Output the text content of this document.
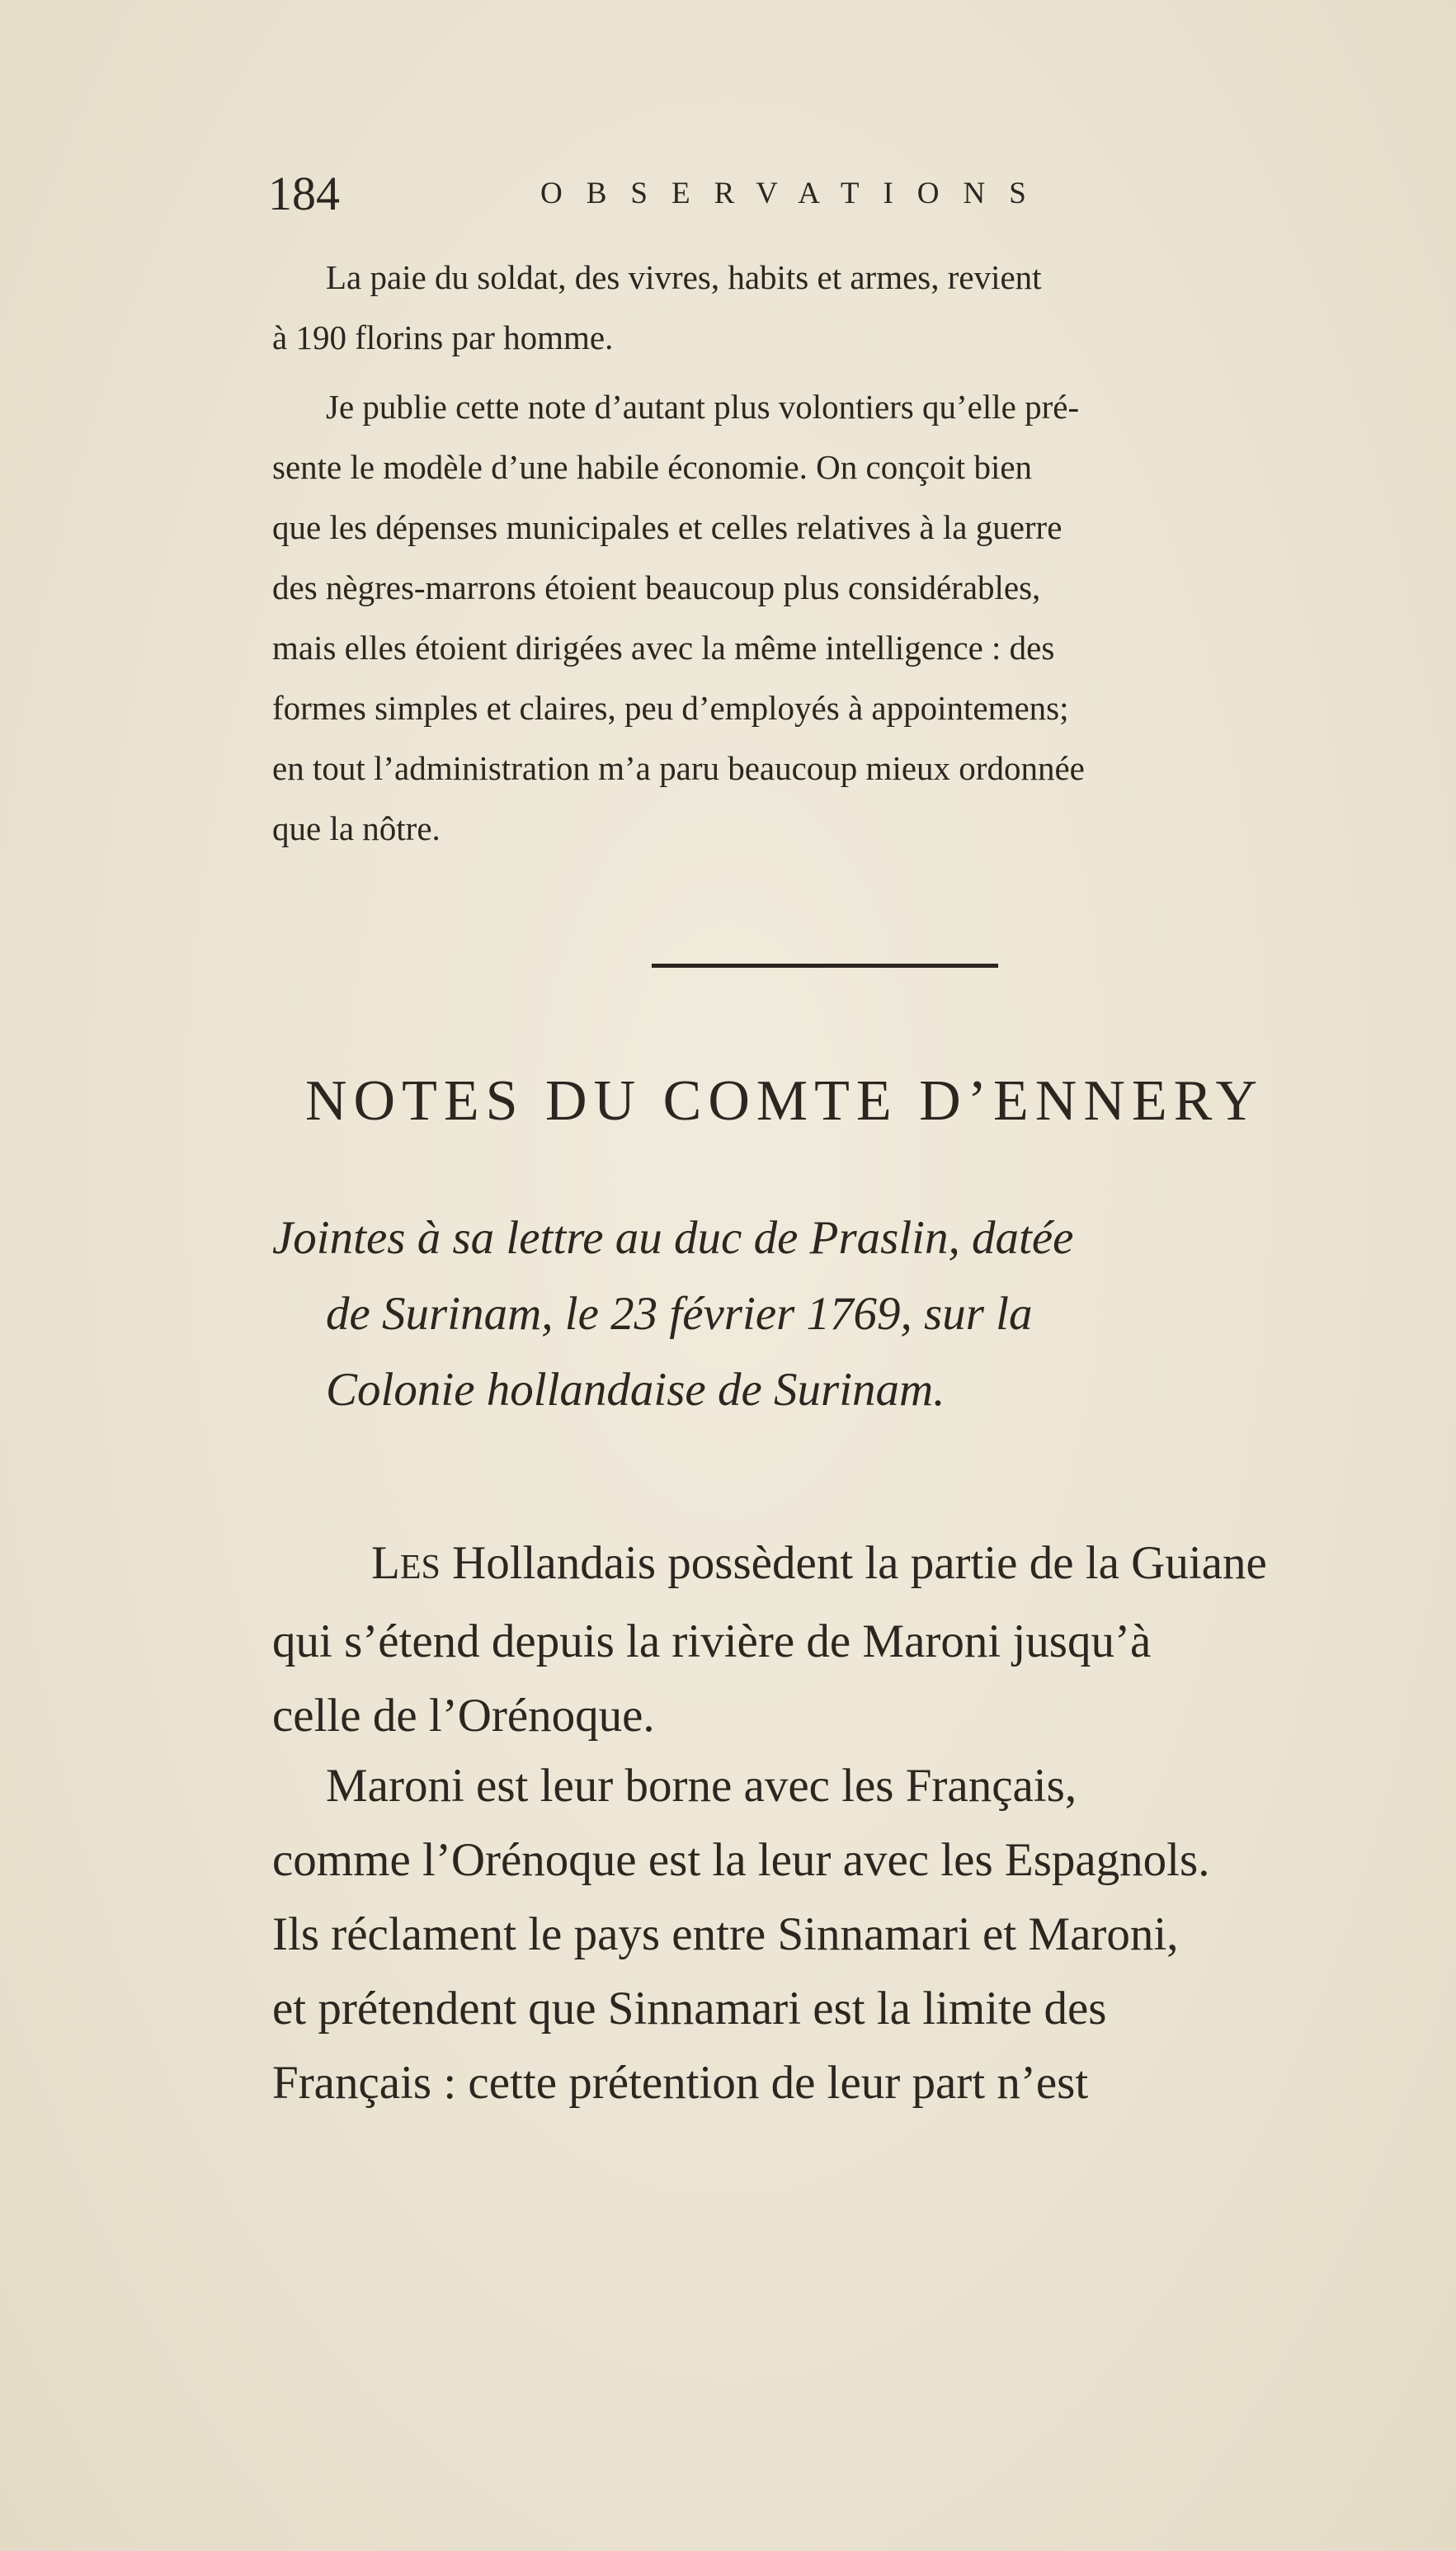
184	OBSERVATIONS
La paie du soldat, des vivres, habits et armes, revient
à 190 florins par homme.
Je publie cette note d’autant plus volontiers qu’elle pré-
sente le modèle d’une habile économie. On conçoit bien
que les dépenses municipales et celles relatives à la guerre
des nègres-marrons étoient beaucoup plus considérables,
mais elles étoient dirigées avec la même intelligence : des
formes simples et claires, peu d’employés à appointemens;
en tout l’administration m’a paru beaucoup mieux ordonnée
que la nôtre.
NOTES DU COMTE D’ENNERY
Jointes à sa lettre au duc de Praslin, datée
de Surinam, le 23 février 1769, sur la
Colonie hollandaise de Surinam.
LES Hollandais possèdent la partie de la Guiane
qui s’étend depuis la rivière de Maroni jusqu’à
celle de l’Orénoque.
Maroni est leur borne avec les Français,
comme l’Orénoque est la leur avec les Espagnols.
Ils réclament le pays entre Sinnamari et Maroni,
et prétendent que Sinnamari est la limite des
Français : cette prétention de leur part n’est
